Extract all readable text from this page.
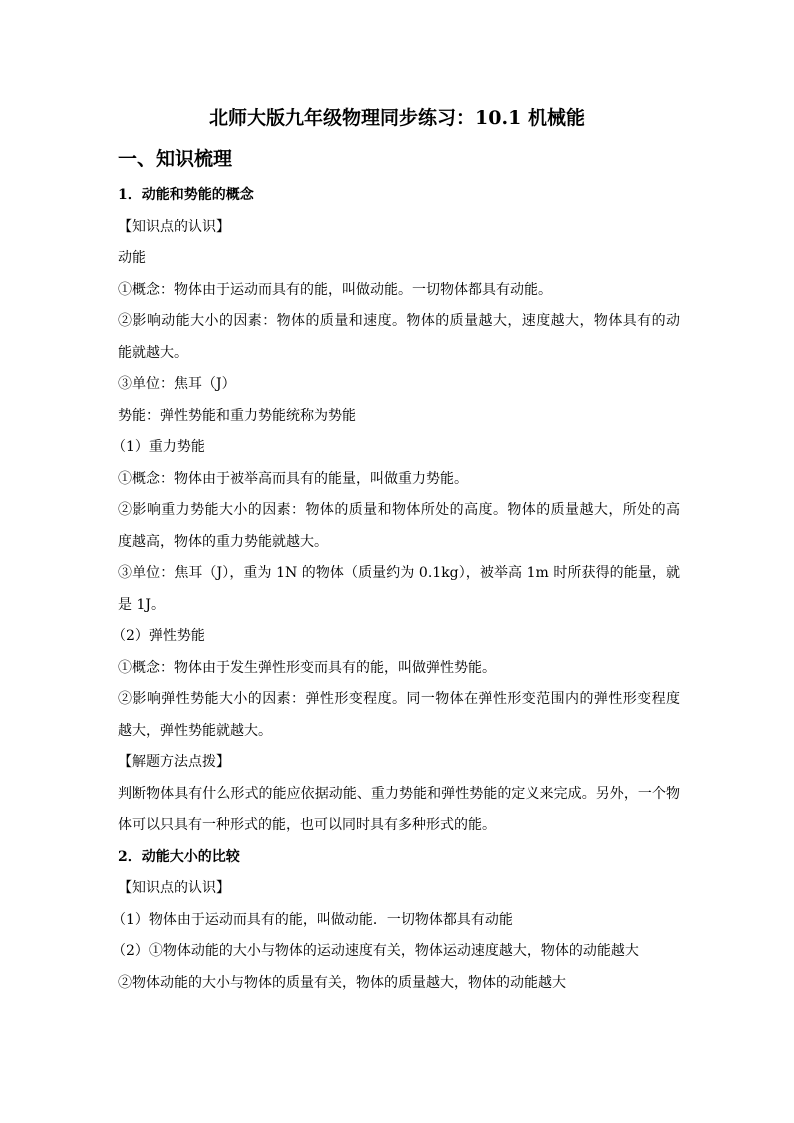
北师大版九年级物理同步练习：10.1 机械能
一、知识梳理
1．动能和势能的概念
【知识点的认识】
动能
①概念：物体由于运动而具有的能，叫做动能。一切物体都具有动能。
②影响动能大小的因素：物体的质量和速度。物体的质量越大，速度越大，物体具有的动
能就越大。
③单位：焦耳（J）
势能：弹性势能和重力势能统称为势能
（1）重力势能
①概念：物体由于被举高而具有的能量，叫做重力势能。
②影响重力势能大小的因素：物体的质量和物体所处的高度。物体的质量越大，所处的高
度越高，物体的重力势能就越大。
③单位：焦耳（J），重为 1N 的物体（质量约为 0.1kg），被举高 1m 时所获得的能量，就
是 1J。
（2）弹性势能
①概念：物体由于发生弹性形变而具有的能，叫做弹性势能。
②影响弹性势能大小的因素：弹性形变程度。同一物体在弹性形变范围内的弹性形变程度
越大，弹性势能就越大。
【解题方法点拨】
判断物体具有什么形式的能应依据动能、重力势能和弹性势能的定义来完成。另外，一个物
体可以只具有一种形式的能，也可以同时具有多种形式的能。
2．动能大小的比较
【知识点的认识】
（1）物体由于运动而具有的能，叫做动能．一切物体都具有动能
（2）①物体动能的大小与物体的运动速度有关，物体运动速度越大，物体的动能越大
②物体动能的大小与物体的质量有关，物体的质量越大，物体的动能越大
